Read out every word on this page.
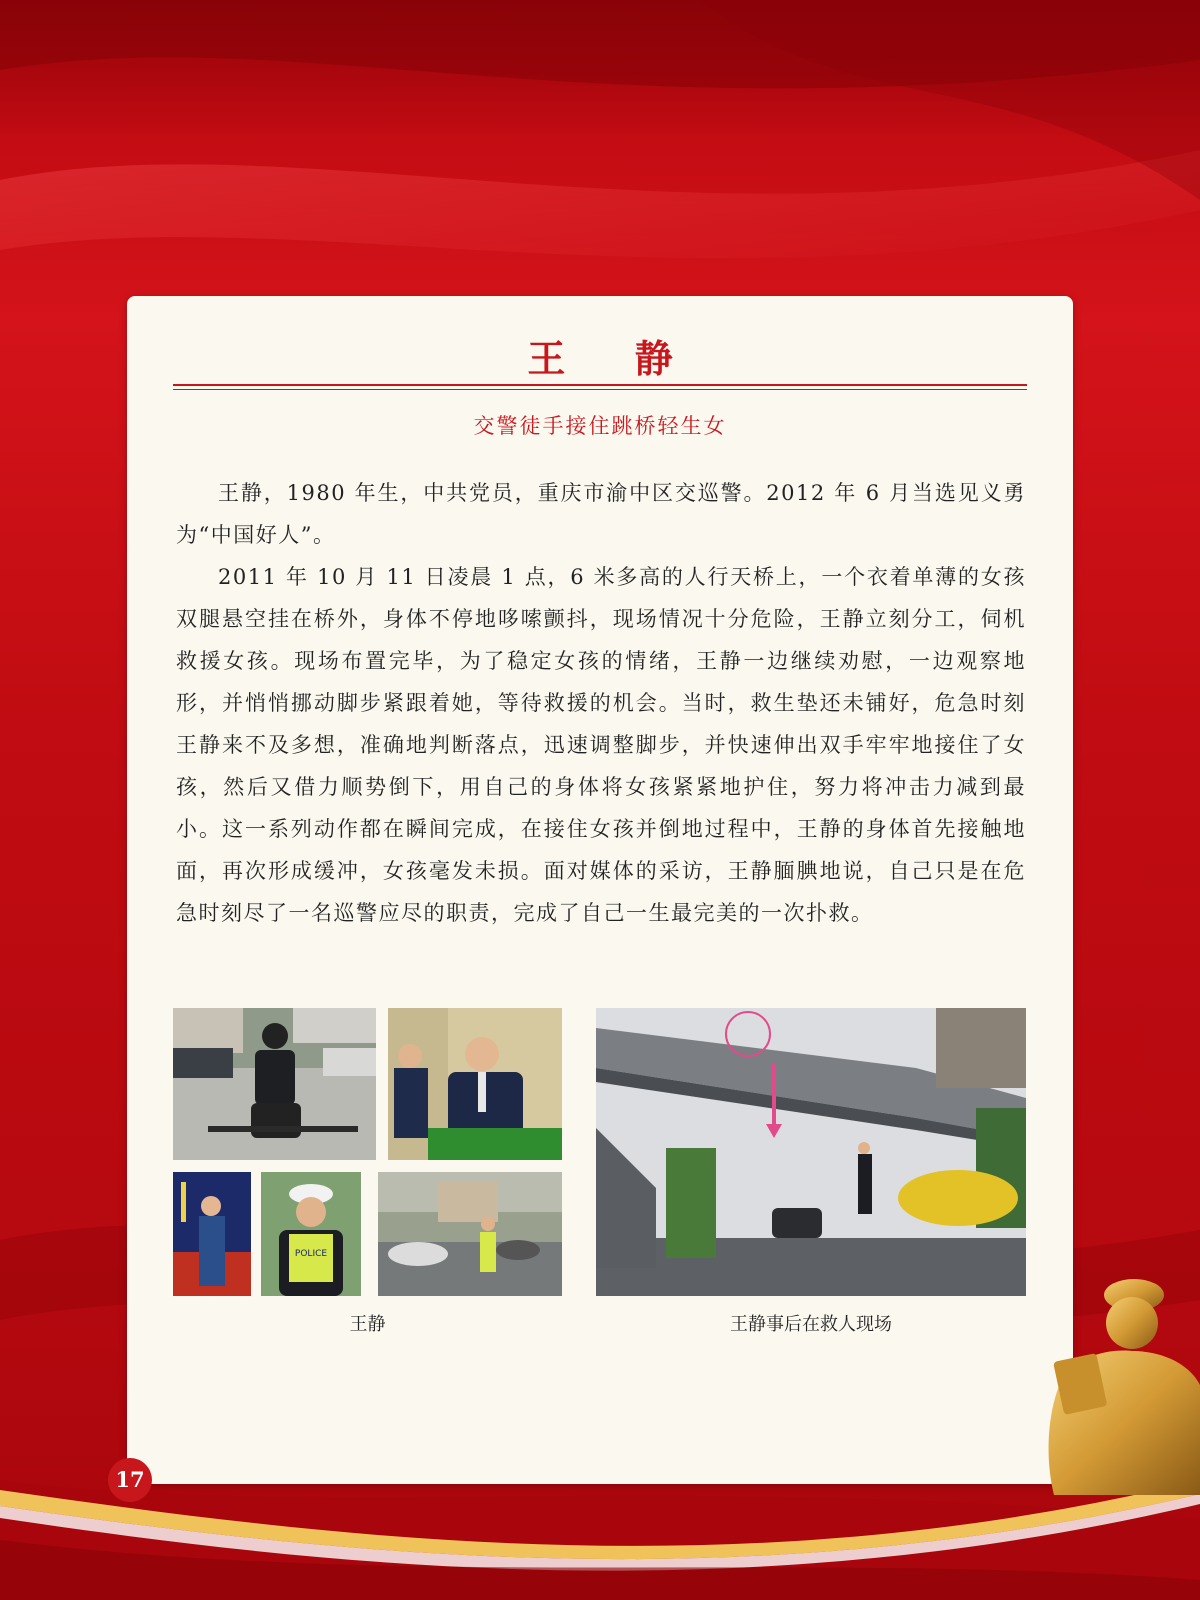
王 静
交警徒手接住跳桥轻生女

王静，1980 年生，中共党员，重庆市渝中区交巡警。2012 年 6 月当选见义勇为“中国好人”。

2011 年 10 月 11 日凌晨 1 点，6 米多高的人行天桥上，一个衣着单薄的女孩双腿悬空挂在桥外，身体不停地哆嗦颤抖，现场情况十分危险，王静立刻分工，伺机救援女孩。现场布置完毕，为了稳定女孩的情绪，王静一边继续劝慰，一边观察地形，并悄悄挪动脚步紧跟着她，等待救援的机会。当时，救生垫还未铺好，危急时刻王静来不及多想，准确地判断落点，迅速调整脚步，并快速伸出双手牢牢地接住了女孩，然后又借力顺势倒下，用自己的身体将女孩紧紧地护住，努力将冲击力减到最小。这一系列动作都在瞬间完成，在接住女孩并倒地过程中，王静的身体首先接触地面，再次形成缓冲，女孩毫发未损。面对媒体的采访，王静腼腆地说，自己只是在危急时刻尽了一名巡警应尽的职责，完成了自己一生最完美的一次扑救。

POLICE
王静	王静事后在救人现场
17
